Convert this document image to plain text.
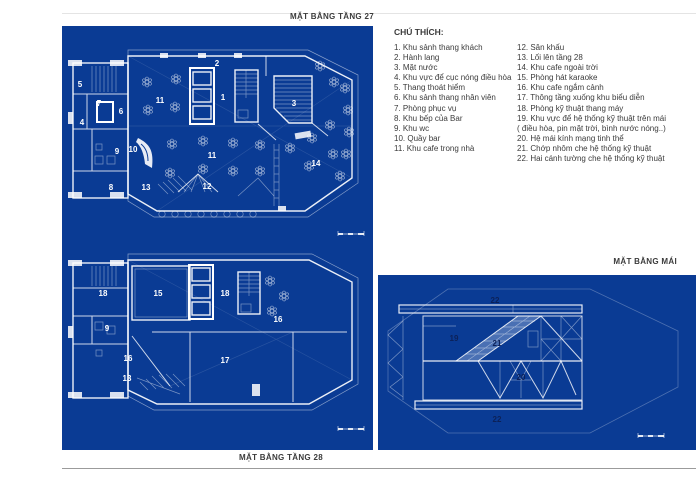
MẶT BẰNG TẦNG 27
MẶT BẰNG TẦNG 28
MẶT BẰNG MÁI
5
7
6
4
2
1
3
11
9 10
11
14
8	13	12
18	15	18
16
9
16
13
17
22
19
21
20
22
CHÚ THÍCH:
1. Khu sảnh thang khách
2. Hành lang
3. Mặt nước
4. Khu vực để cục nóng điều hòa
5. Thang thoát hiểm
6. Khu sảnh thang nhân viên
7. Phòng phục vụ
8. Khu bếp của Bar
9. Khu wc
10. Quầy bar
11. Khu cafe trong nhà
12. Sân khấu
13. Lối lên tầng 28
14. Khu cafe ngoài trời
15. Phòng hát karaoke
16. Khu cafe ngắm cảnh
17. Thông tầng xuống khu biểu diễn
18. Phòng kỹ thuật thang máy
19. Khu vực để hệ thống kỹ thuật trên mái
( điều hòa, pin mặt trời, bình nước nóng..)
20. Hệ mái kính mạng tinh thể
21. Chớp nhôm che hệ thống kỹ thuật
22. Hai cánh tường che hệ thống kỹ thuật
